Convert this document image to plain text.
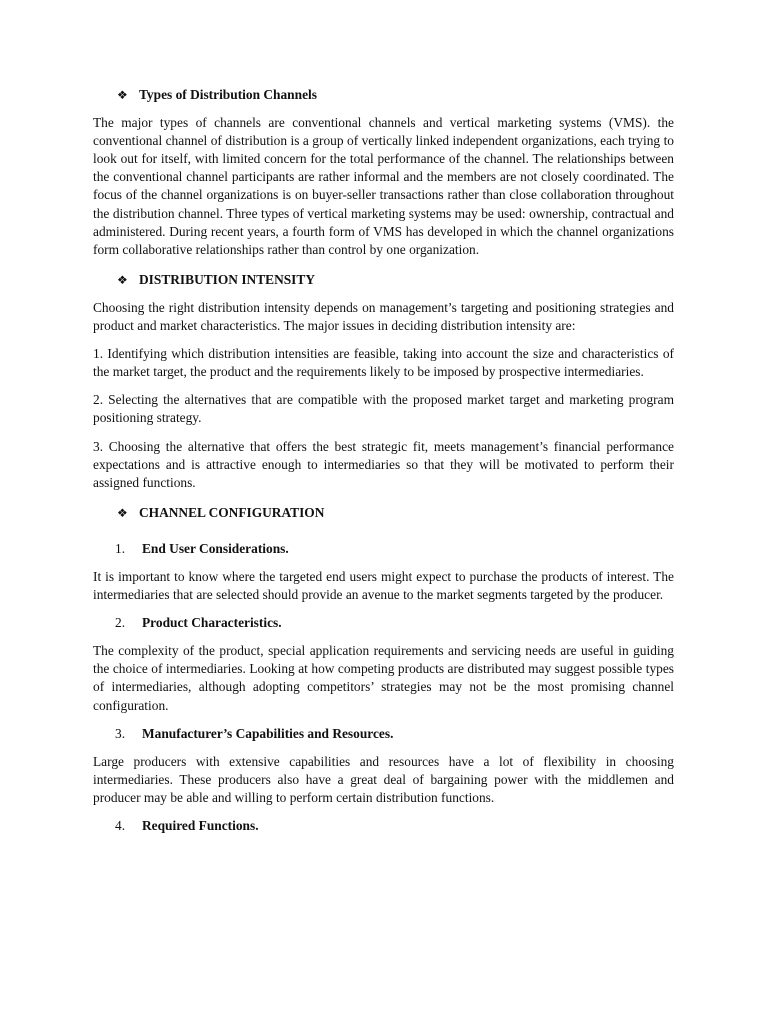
❖ Types of Distribution Channels

The major types of channels are conventional channels and vertical marketing systems (VMS). the conventional channel of distribution is a group of vertically linked independent organizations, each trying to look out for itself, with limited concern for the total performance of the channel. The relationships between the conventional channel participants are rather informal and the members are not closely coordinated. The focus of the channel organizations is on buyer-seller transactions rather than close collaboration throughout the distribution channel. Three types of vertical marketing systems may be used: ownership, contractual and administered. During recent years, a fourth form of VMS has developed in which the channel organizations form collaborative relationships rather than control by one organization.

❖ DISTRIBUTION INTENSITY

Choosing the right distribution intensity depends on management’s targeting and positioning strategies and product and market characteristics. The major issues in deciding distribution intensity are:

1. Identifying which distribution intensities are feasible, taking into account the size and characteristics of the market target, the product and the requirements likely to be imposed by prospective intermediaries.

2. Selecting the alternatives that are compatible with the proposed market target and marketing program positioning strategy.

3. Choosing the alternative that offers the best strategic fit, meets management’s financial performance expectations and is attractive enough to intermediaries so that they will be motivated to perform their assigned functions.

❖ CHANNEL CONFIGURATION
1.	End User Considerations.

It is important to know where the targeted end users might expect to purchase the products of interest. The intermediaries that are selected should provide an avenue to the market segments targeted by the producer.

2.	Product Characteristics.

The complexity of the product, special application requirements and servicing needs are useful in guiding the choice of intermediaries. Looking at how competing products are distributed may suggest possible types of intermediaries, although adopting competitors’ strategies may not be the most promising channel configuration.

3.	Manufacturer’s Capabilities and Resources.

Large producers with extensive capabilities and resources have a lot of flexibility in choosing intermediaries. These producers also have a great deal of bargaining power with the middlemen and producer may be able and willing to perform certain distribution functions.

4.	Required Functions.
